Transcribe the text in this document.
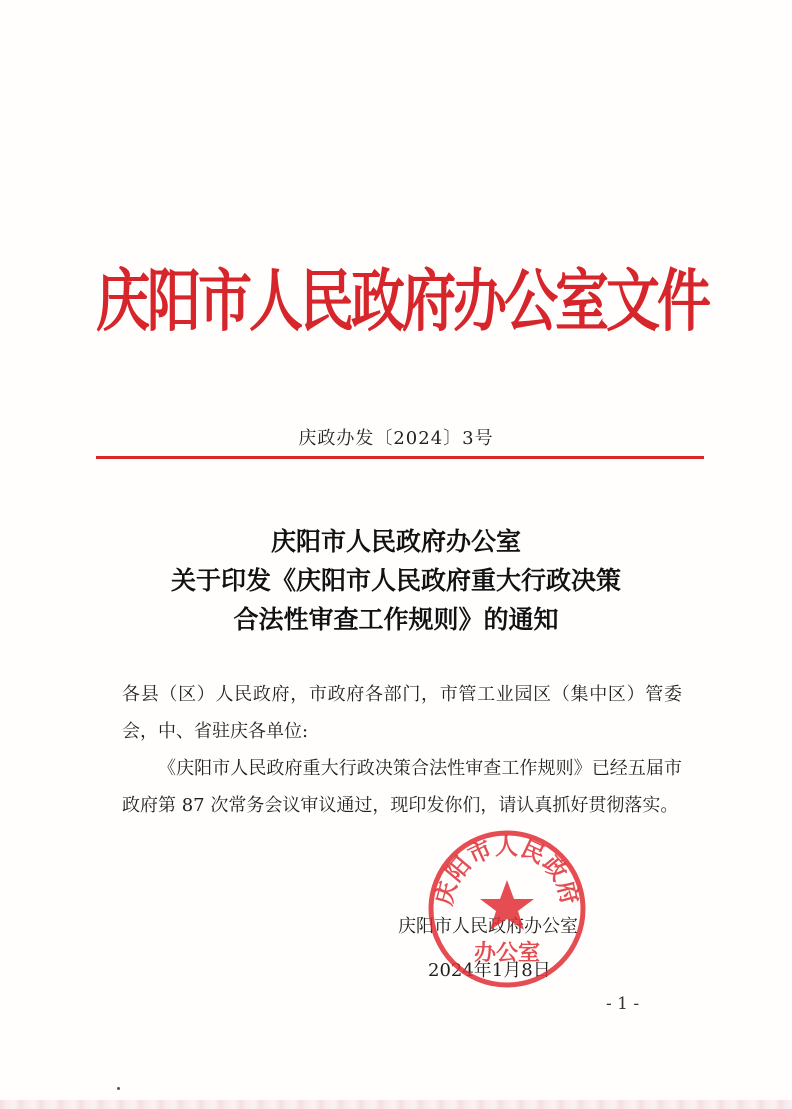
庆阳市人民政府办公室文件
庆政办发〔2024〕3号
庆阳市人民政府办公室
关于印发《庆阳市人民政府重大行政决策
合法性审查工作规则》的通知

各县（区）人民政府，市政府各部门，市管工业园区（集中区）管委会，中、省驻庆各单位:

《庆阳市人民政府重大行政决策合法性审查工作规则》已经五届市政府第 87 次常务会议审议通过，现印发你们，请认真抓好贯彻落实。

庆阳市人民政府办公室
2024年1月8日
庆阳市人民政府
办公室
- 1 -
